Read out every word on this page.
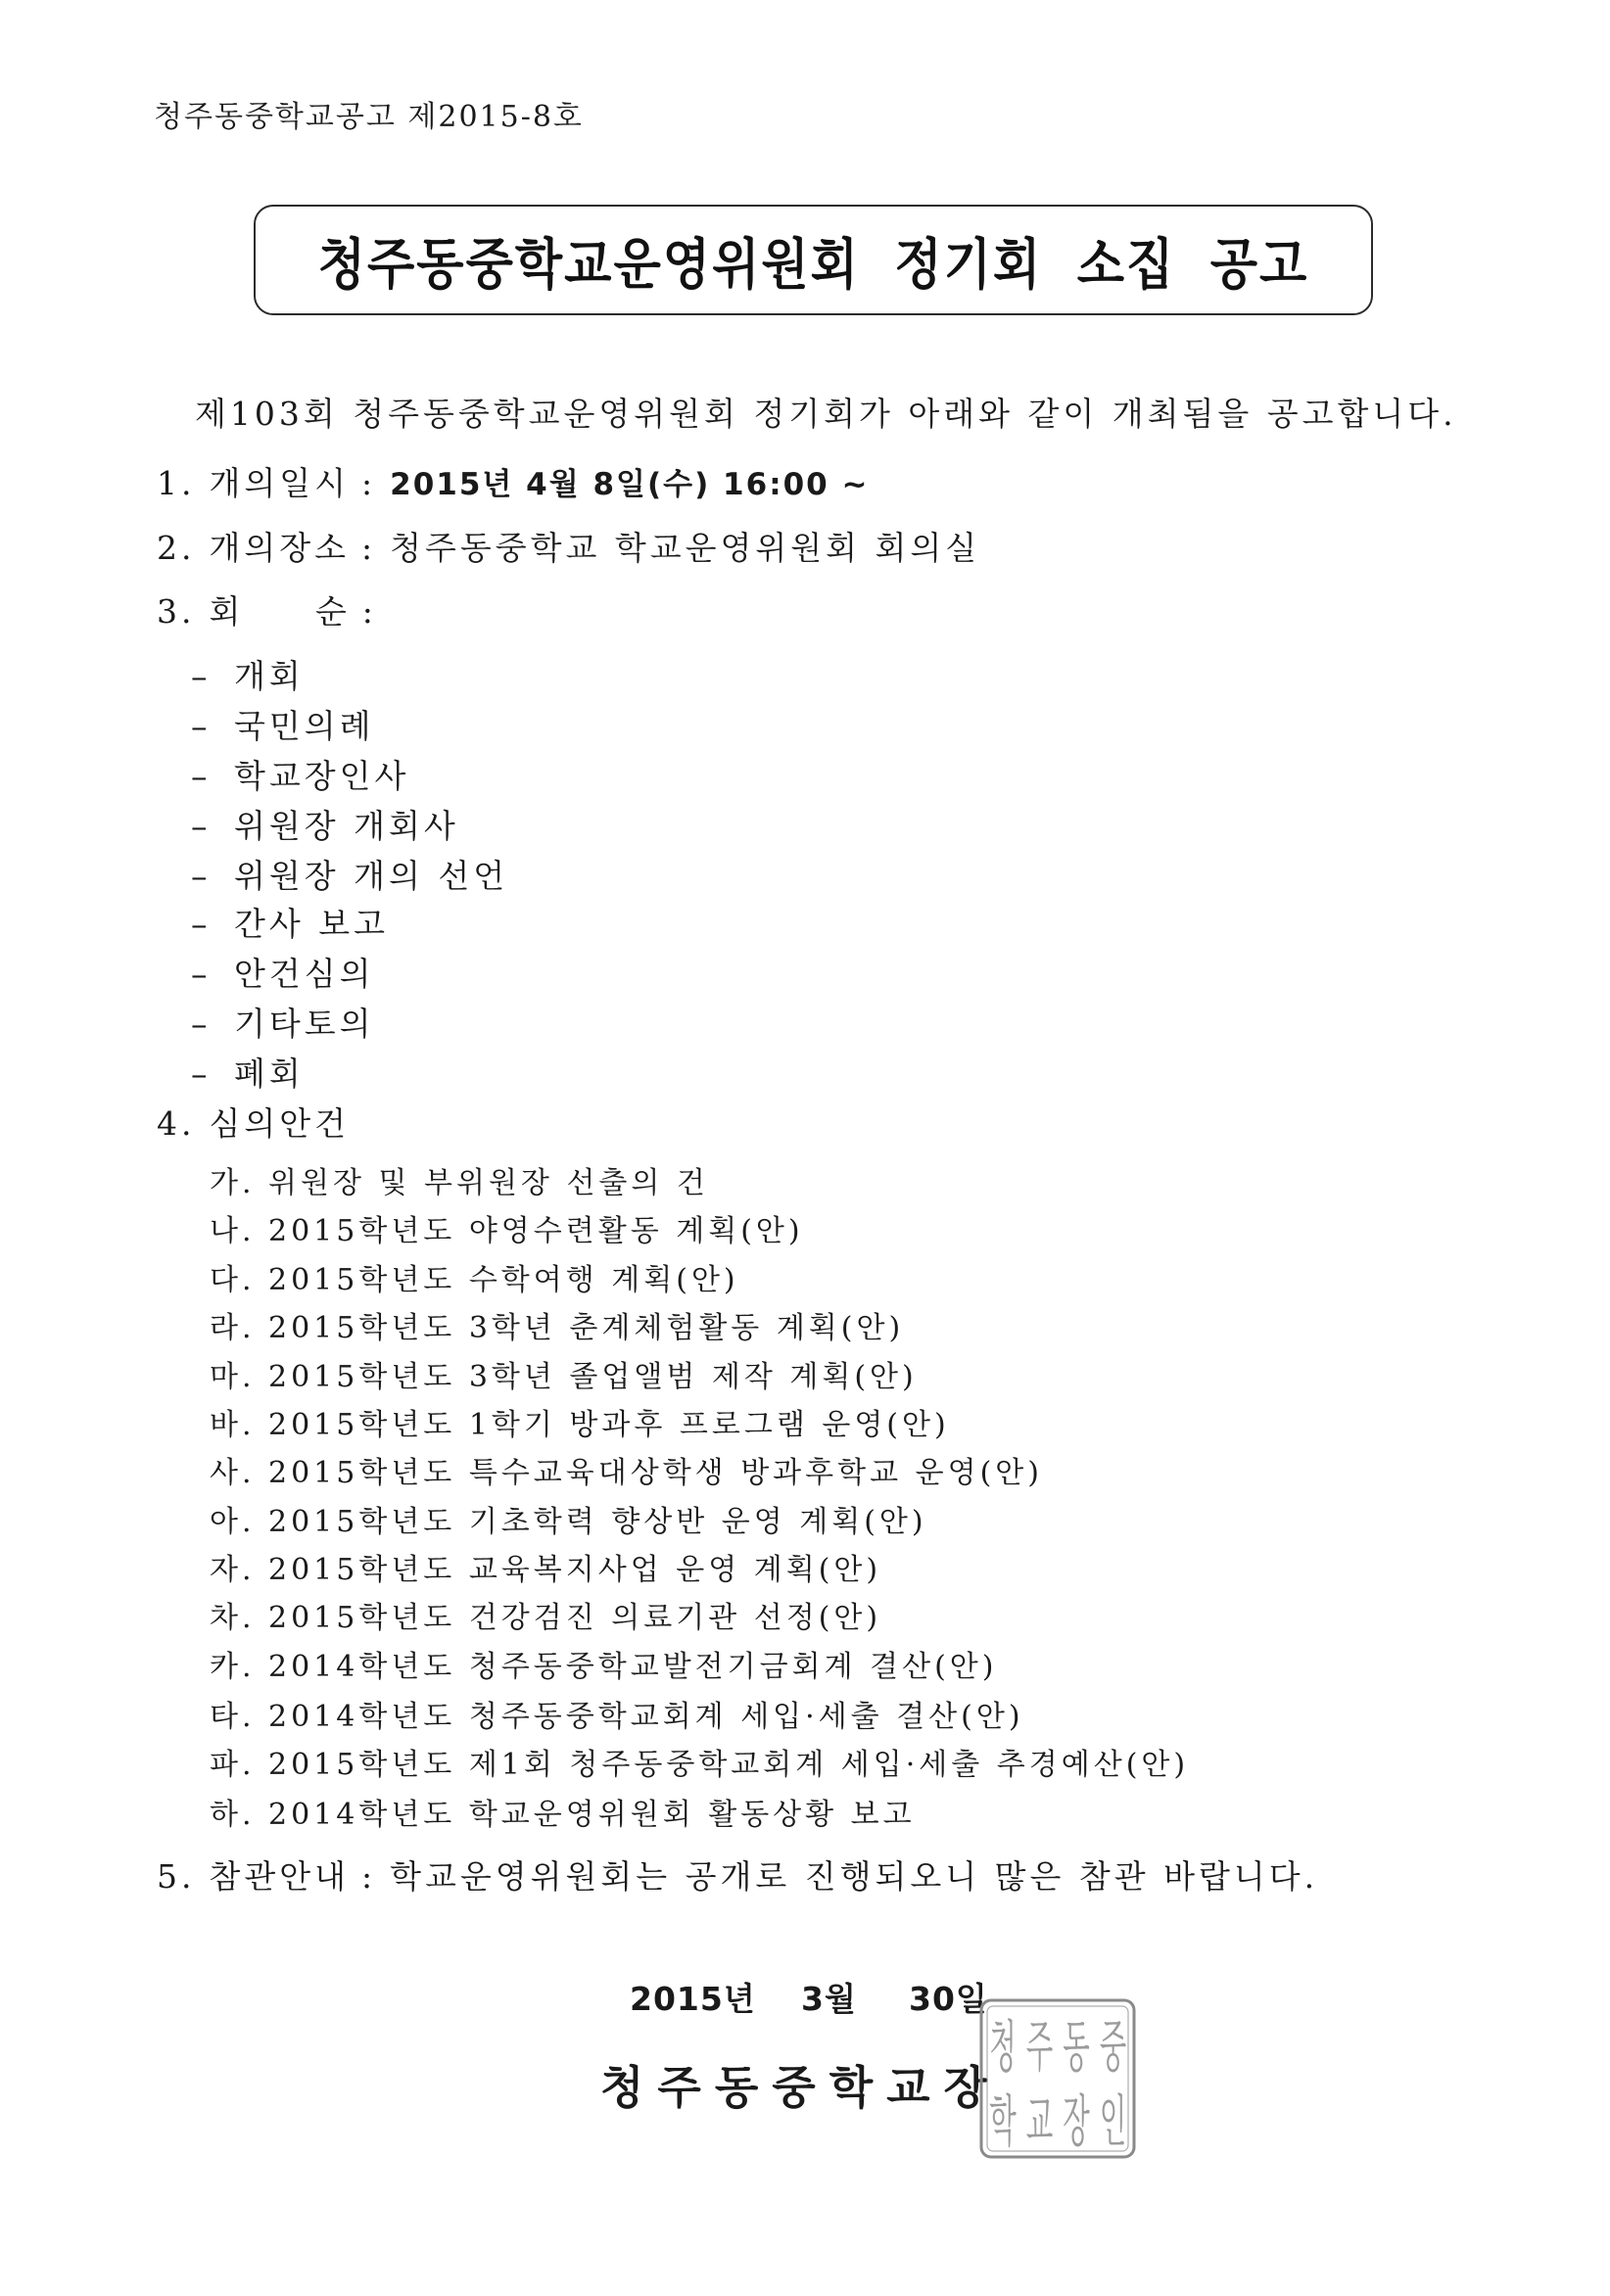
청주동중학교공고 제2015-8호
청주동중학교운영위원회 정기회 소집 공고
제103회 청주동중학교운영위원회 정기회가 아래와 같이 개최됨을 공고합니다.
1. 개의일시 : 2015년 4월 8일(수) 16:00 ~
2. 개의장소 : 청주동중학교 학교운영위원회 회의실
3. 회 순 :
– 개회
– 국민의례
– 학교장인사
– 위원장 개회사
– 위원장 개의 선언
– 간사 보고
– 안건심의
– 기타토의
– 폐회
4. 심의안건
가. 위원장 및 부위원장 선출의 건
나. 2015학년도 야영수련활동 계획(안)
다. 2015학년도 수학여행 계획(안)
라. 2015학년도 3학년 춘계체험활동 계획(안)
마. 2015학년도 3학년 졸업앨범 제작 계획(안)
바. 2015학년도 1학기 방과후 프로그램 운영(안)
사. 2015학년도 특수교육대상학생 방과후학교 운영(안)
아. 2015학년도 기초학력 향상반 운영 계획(안)
자. 2015학년도 교육복지사업 운영 계획(안)
차. 2015학년도 건강검진 의료기관 선정(안)
카. 2014학년도 청주동중학교발전기금회계 결산(안)
타. 2014학년도 청주동중학교회계 세입·세출 결산(안)
파. 2015학년도 제1회 청주동중학교회계 세입·세출 추경예산(안)
하. 2014학년도 학교운영위원회 활동상황 보고
5. 참관안내 : 학교운영위원회는 공개로 진행되오니 많은 참관 바랍니다.
2015년 3월 30일
청주동중학교장
청 주 동 중
학 교 장 인
